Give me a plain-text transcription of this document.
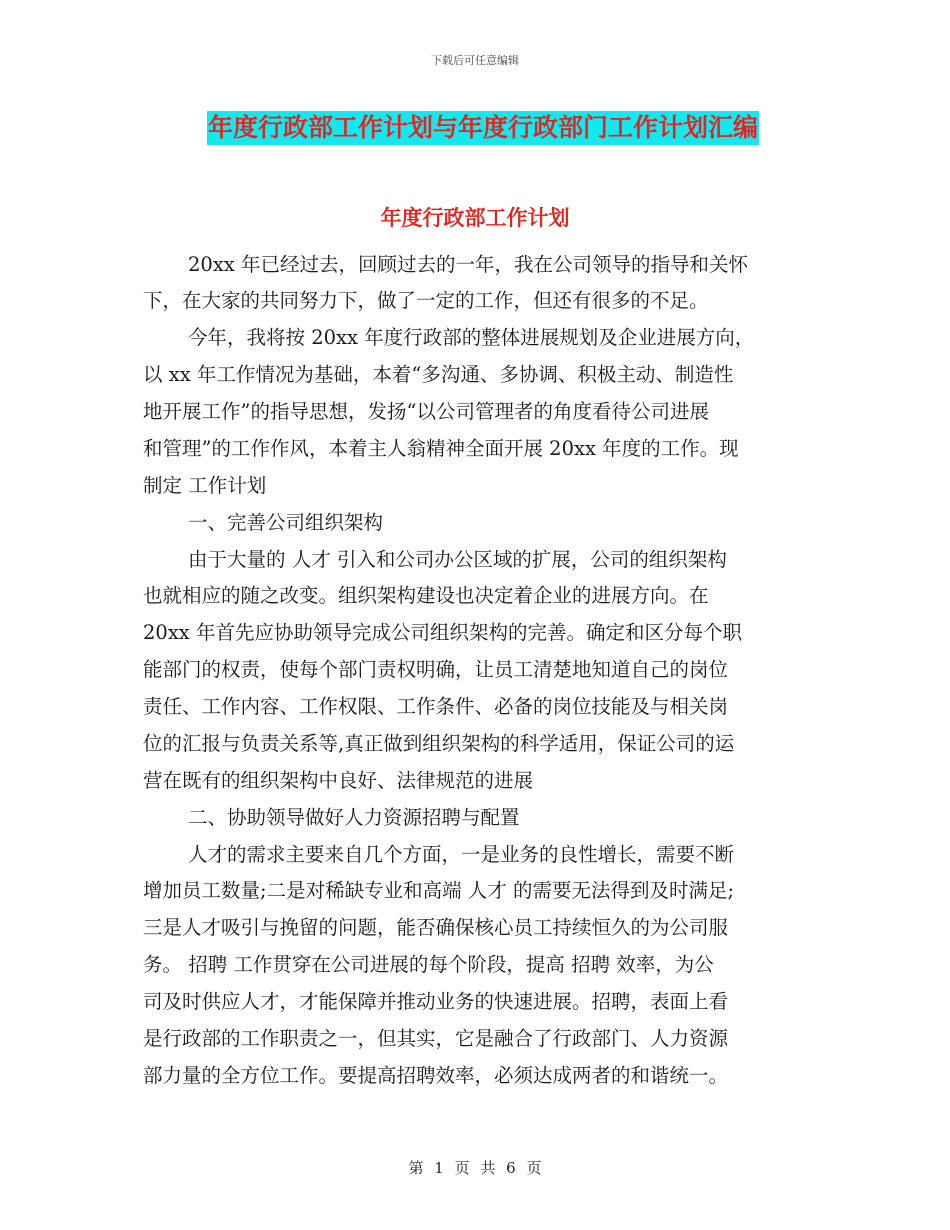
下载后可任意编辑
年度行政部工作计划与年度行政部门工作计划汇编
年度行政部工作计划
20xx 年已经过去，回顾过去的一年，我在公司领导的指导和关怀
下，在大家的共同努力下，做了一定的工作，但还有很多的不足。
今年，我将按 20xx 年度行政部的整体进展规划及企业进展方向，
以 xx 年工作情况为基础，本着“多沟通、多协调、积极主动、制造性
地开展工作”的指导思想，发扬“以公司管理者的角度看待公司进展
和管理”的工作作风，本着主人翁精神全面开展 20xx 年度的工作。现
制定 工作计划
一、完善公司组织架构
由于大量的 人才 引入和公司办公区域的扩展，公司的组织架构
也就相应的随之改变。组织架构建设也决定着企业的进展方向。在
20xx 年首先应协助领导完成公司组织架构的完善。确定和区分每个职
能部门的权责，使每个部门责权明确，让员工清楚地知道自己的岗位
责任、工作内容、工作权限、工作条件、必备的岗位技能及与相关岗
位的汇报与负责关系等,真正做到组织架构的科学适用，保证公司的运
营在既有的组织架构中良好、法律规范的进展
二、协助领导做好人力资源招聘与配置
人才的需求主要来自几个方面，一是业务的良性增长，需要不断
增加员工数量;二是对稀缺专业和高端 人才 的需要无法得到及时满足;
三是人才吸引与挽留的问题，能否确保核心员工持续恒久的为公司服
务。 招聘 工作贯穿在公司进展的每个阶段，提高 招聘 效率，为公
司及时供应人才，才能保障并推动业务的快速进展。招聘，表面上看
是行政部的工作职责之一，但其实，它是融合了行政部门、人力资源
部力量的全方位工作。要提高招聘效率，必须达成两者的和谐统一。
第 1 页 共 6 页
